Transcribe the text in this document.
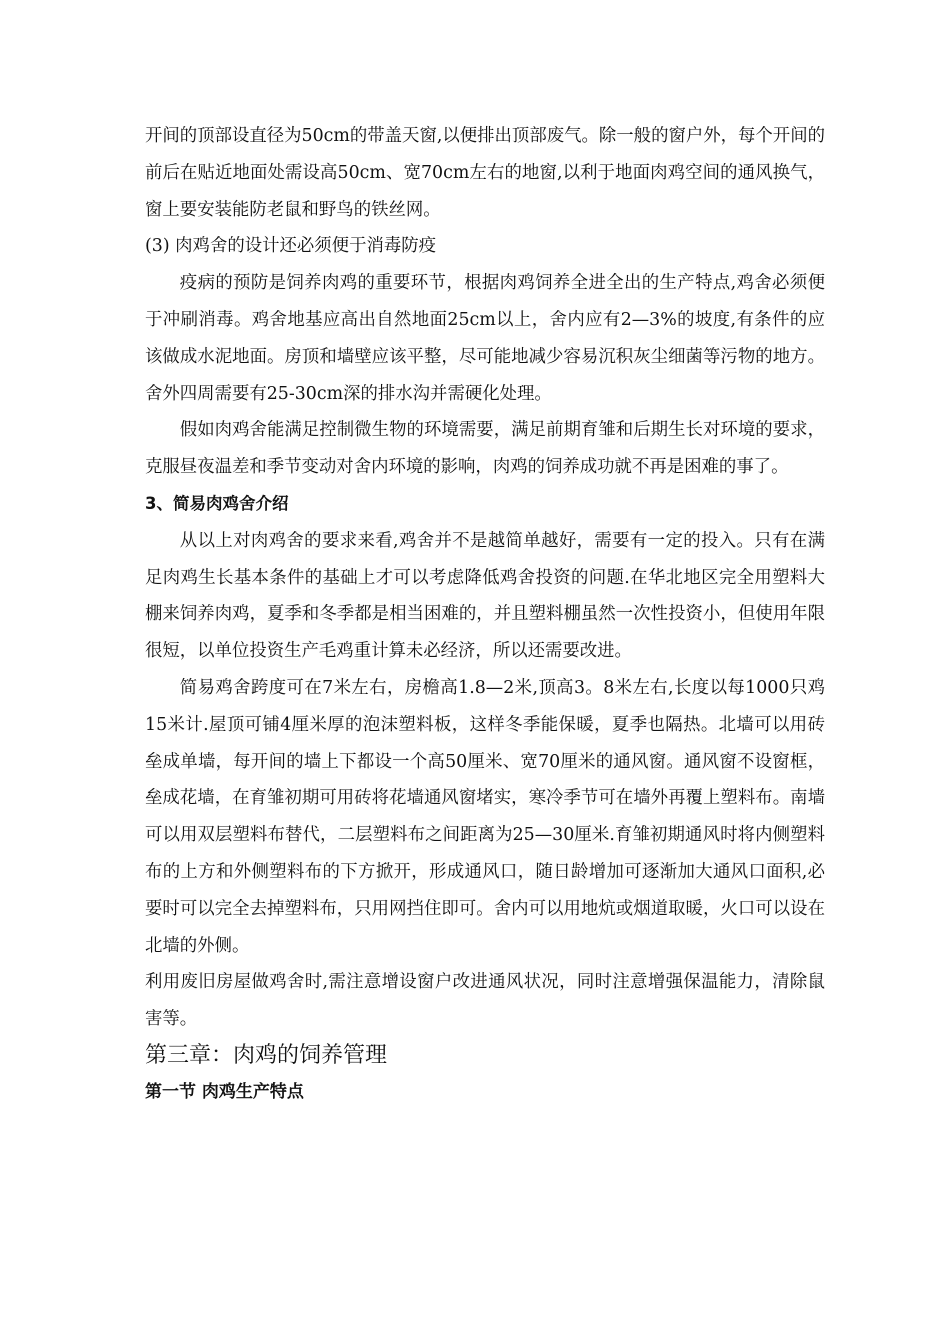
开间的顶部设直径为50cm的带盖天窗,以便排出顶部废气。除一般的窗户外，每个开间的前后在贴近地面处需设高50cm、宽70cm左右的地窗,以利于地面肉鸡空间的通风换气，窗上要安装能防老鼠和野鸟的铁丝网。

(3) 肉鸡舍的设计还必须便于消毒防疫

疫病的预防是饲养肉鸡的重要环节，根据肉鸡饲养全进全出的生产特点,鸡舍必须便于冲刷消毒。鸡舍地基应高出自然地面25cm以上，舍内应有2—3%的坡度,有条件的应该做成水泥地面。房顶和墙壁应该平整，尽可能地减少容易沉积灰尘细菌等污物的地方。舍外四周需要有25-30cm深的排水沟并需硬化处理。

假如肉鸡舍能满足控制微生物的环境需要，满足前期育雏和后期生长对环境的要求，克服昼夜温差和季节变动对舍内环境的影响，肉鸡的饲养成功就不再是困难的事了。

3、简易肉鸡舍介绍

从以上对肉鸡舍的要求来看,鸡舍并不是越简单越好，需要有一定的投入。只有在满足肉鸡生长基本条件的基础上才可以考虑降低鸡舍投资的问题.在华北地区完全用塑料大棚来饲养肉鸡，夏季和冬季都是相当困难的，并且塑料棚虽然一次性投资小，但使用年限很短，以单位投资生产毛鸡重计算未必经济，所以还需要改进。

简易鸡舍跨度可在7米左右，房檐高1.8—2米,顶高3。8米左右,长度以每1000只鸡15米计.屋顶可铺4厘米厚的泡沫塑料板，这样冬季能保暖，夏季也隔热。北墙可以用砖垒成单墙，每开间的墙上下都设一个高50厘米、宽70厘米的通风窗。通风窗不设窗框，垒成花墙，在育雏初期可用砖将花墙通风窗堵实，寒冷季节可在墙外再覆上塑料布。南墙可以用双层塑料布替代，二层塑料布之间距离为25—30厘米.育雏初期通风时将内侧塑料布的上方和外侧塑料布的下方掀开，形成通风口，随日龄增加可逐渐加大通风口面积,必要时可以完全去掉塑料布，只用网挡住即可。舍内可以用地炕或烟道取暖，火口可以设在北墙的外侧。

利用废旧房屋做鸡舍时,需注意增设窗户改进通风状况，同时注意增强保温能力，清除鼠害等。

第三章：肉鸡的饲养管理
第一节 肉鸡生产特点
